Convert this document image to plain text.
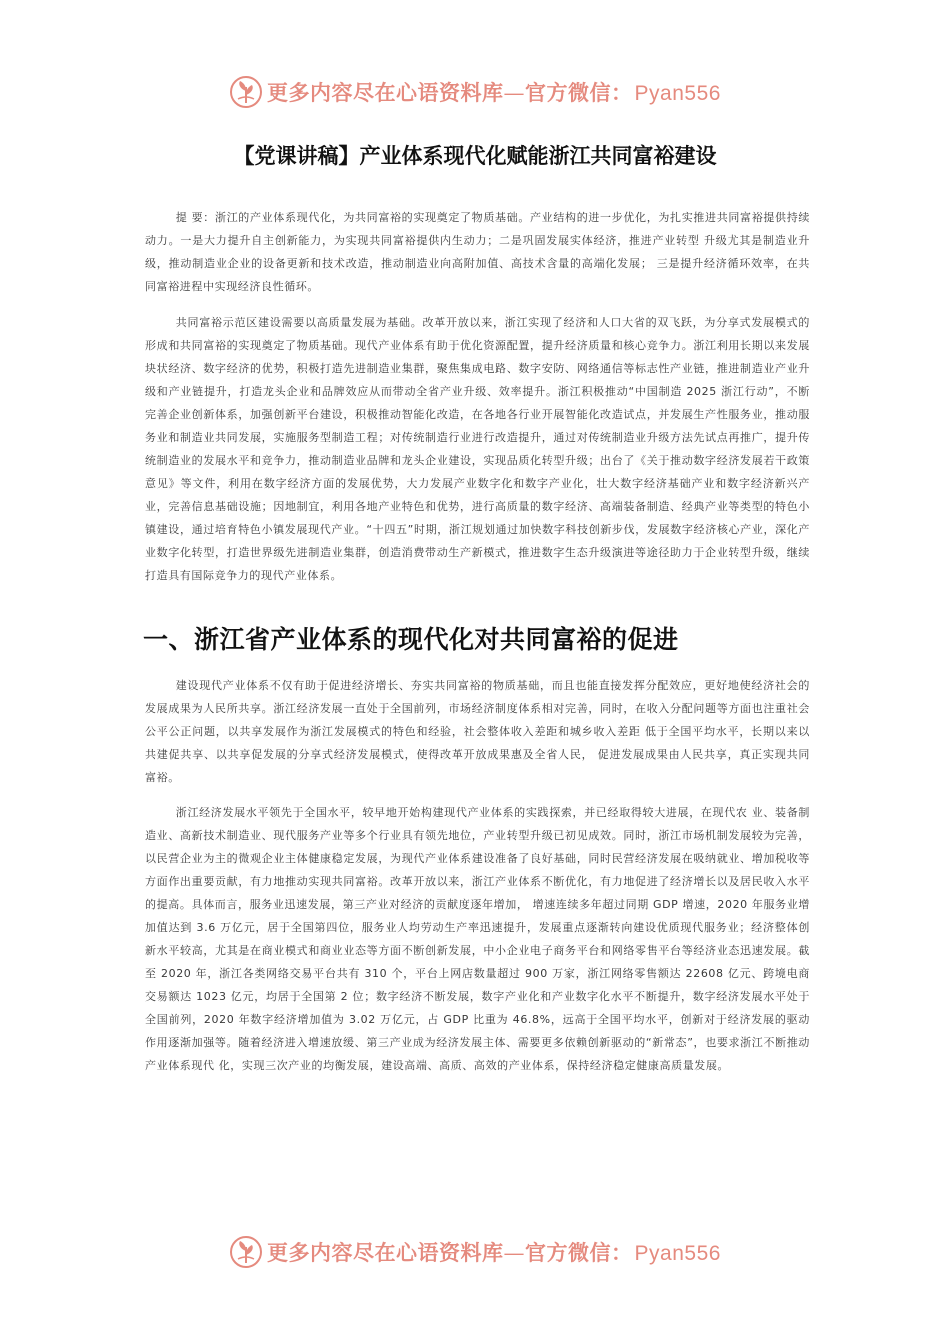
更多内容尽在心语资料库—官方微信：Pyan556
【党课讲稿】产业体系现代化赋能浙江共同富裕建设

提 要：浙江的产业体系现代化，为共同富裕的实现奠定了物质基础。产业结构的进一步优化，为扎实推进共同富裕提供持续动力。一是大力提升自主创新能力，为实现共同富裕提供内生动力；二是巩固发展实体经济，推进产业转型 升级尤其是制造业升级，推动制造业企业的设备更新和技术改造，推动制造业向高附加值、高技术含量的高端化发展； 三是提升经济循环效率，在共同富裕进程中实现经济良性循环。

共同富裕示范区建设需要以高质量发展为基础。改革开放以来，浙江实现了经济和人口大省的双飞跃，为分享式发展模式的形成和共同富裕的实现奠定了物质基础。现代产业体系有助于优化资源配置，提升经济质量和核心竞争力。浙江利用长期以来发展块状经济、数字经济的优势，积极打造先进制造业集群，聚焦集成电路、数字安防、网络通信等标志性产业链，推进制造业产业升级和产业链提升，打造龙头企业和品牌效应从而带动全省产业升级、效率提升。浙江积极推动“中国制造 2025 浙江行动”，不断完善企业创新体系，加强创新平台建设，积极推动智能化改造，在各地各行业开展智能化改造试点，并发展生产性服务业，推动服务业和制造业共同发展，实施服务型制造工程；对传统制造行业进行改造提升，通过对传统制造业升级方法先试点再推广，提升传统制造业的发展水平和竞争力，推动制造业品牌和龙头企业建设，实现品质化转型升级；出台了《关于推动数字经济发展若干政策意见》等文件，利用在数字经济方面的发展优势，大力发展产业数字化和数字产业化，壮大数字经济基础产业和数字经济新兴产业，完善信息基础设施；因地制宜，利用各地产业特色和优势，进行高质量的数字经济、高端装备制造、经典产业等类型的特色小镇建设，通过培育特色小镇发展现代产业。“十四五”时期，浙江规划通过加快数字科技创新步伐，发展数字经济核心产业，深化产业数字化转型，打造世界级先进制造业集群，创造消费带动生产新模式，推进数字生态升级演进等途径助力于企业转型升级，继续打造具有国际竞争力的现代产业体系。

一、浙江省产业体系的现代化对共同富裕的促进

建设现代产业体系不仅有助于促进经济增长、夯实共同富裕的物质基础，而且也能直接发挥分配效应，更好地使经济社会的发展成果为人民所共享。浙江经济发展一直处于全国前列，市场经济制度体系相对完善，同时，在收入分配问题等方面也注重社会公平公正问题，以共享发展作为浙江发展模式的特色和经验，社会整体收入差距和城乡收入差距 低于全国平均水平，长期以来以共建促共享、以共享促发展的分享式经济发展模式，使得改革开放成果惠及全省人民， 促进发展成果由人民共享，真正实现共同富裕。

浙江经济发展水平领先于全国水平，较早地开始构建现代产业体系的实践探索，并已经取得较大进展，在现代农 业、装备制造业、高新技术制造业、现代服务产业等多个行业具有领先地位，产业转型升级已初见成效。同时，浙江市场机制发展较为完善，以民营企业为主的微观企业主体健康稳定发展，为现代产业体系建设准备了良好基础，同时民营经济发展在吸纳就业、增加税收等方面作出重要贡献，有力地推动实现共同富裕。改革开放以来，浙江产业体系不断优化，有力地促进了经济增长以及居民收入水平的提高。具体而言，服务业迅速发展，第三产业对经济的贡献度逐年增加， 增速连续多年超过同期 GDP 增速，2020 年服务业增加值达到 3.6 万亿元，居于全国第四位，服务业人均劳动生产率迅速提升，发展重点逐渐转向建设优质现代服务业；经济整体创新水平较高，尤其是在商业模式和商业业态等方面不断创新发展，中小企业电子商务平台和网络零售平台等经济业态迅速发展。截至 2020 年，浙江各类网络交易平台共有 310 个，平台上网店数量超过 900 万家，浙江网络零售额达 22608 亿元、跨境电商交易额达 1023 亿元，均居于全国第 2 位；数字经济不断发展，数字产业化和产业数字化水平不断提升，数字经济发展水平处于全国前列，2020 年数字经济增加值为 3.02 万亿元，占 GDP 比重为 46.8%，远高于全国平均水平，创新对于经济发展的驱动作用逐渐加强等。随着经济进入增速放缓、第三产业成为经济发展主体、需要更多依赖创新驱动的“新常态”，也要求浙江不断推动产业体系现代 化，实现三次产业的均衡发展，建设高端、高质、高效的产业体系，保持经济稳定健康高质量发展。

更多内容尽在心语资料库—官方微信：Pyan556
